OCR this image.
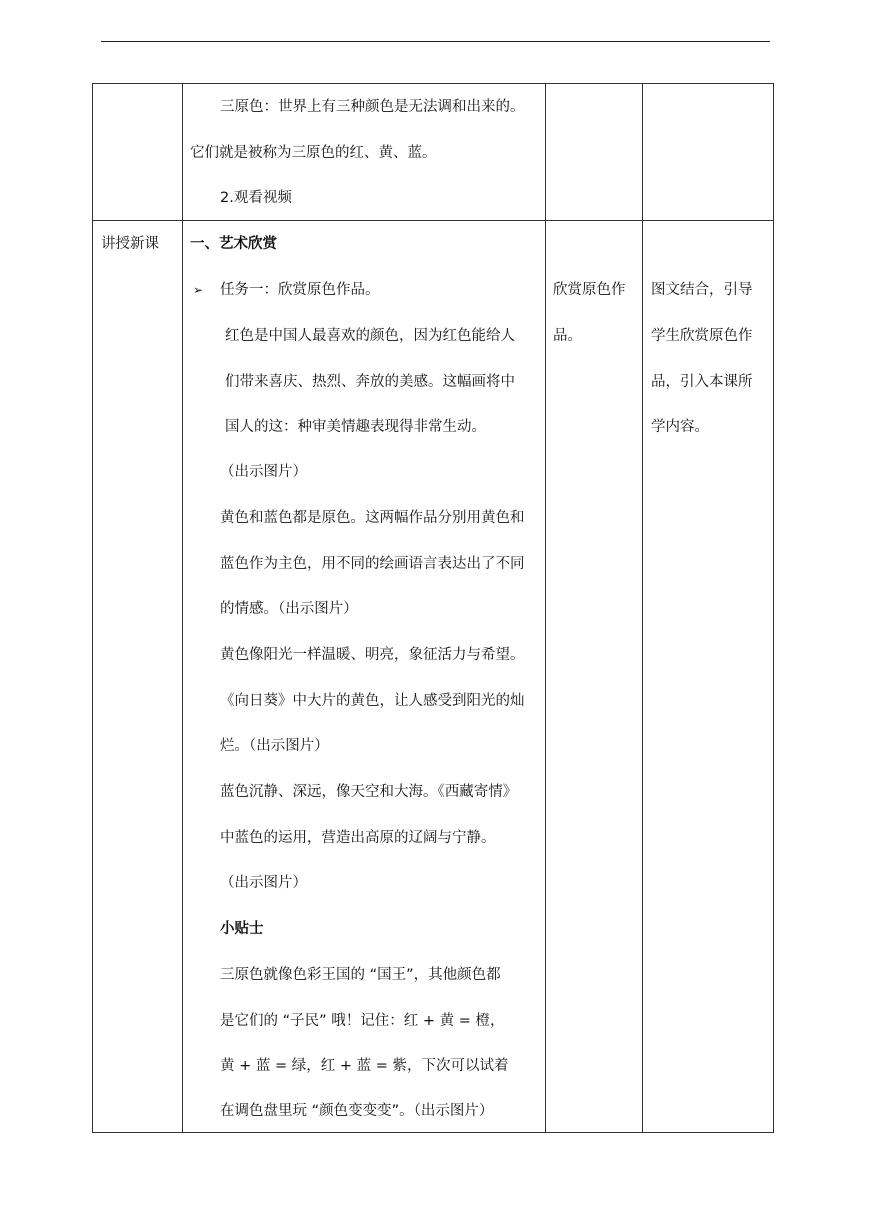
三原色：世界上有三种颜色是无法调和出来的。
它们就是被称为三原色的红、黄、蓝。
2.观看视频
讲授新课 一、艺术欣赏
➢ 任务一：欣赏原色作品。
红色是中国人最喜欢的颜色，因为红色能给人
们带来喜庆、热烈、奔放的美感。这幅画将中
国人的这：种审美情趣表现得非常生动。
（出示图片）
黄色和蓝色都是原色。这两幅作品分别用黄色和
蓝色作为主色，用不同的绘画语言表达出了不同
的情感。（出示图片）
黄色像阳光一样温暖、明亮，象征活力与希望。
《向日葵》中大片的黄色，让人感受到阳光的灿
烂。（出示图片）
蓝色沉静、深远，像天空和大海。《西藏寄情》
中蓝色的运用，营造出高原的辽阔与宁静。
（出示图片）
小贴士
三原色就像色彩王国的 “国王”，其他颜色都
是它们的 “子民” 哦！记住：红 + 黄 = 橙，
黄 + 蓝 = 绿，红 + 蓝 = 紫，下次可以试着
在调色盘里玩 “颜色变变变”。（出示图片）
欣赏原色作
品。
图文结合，引导
学生欣赏原色作
品，引入本课所
学内容。
